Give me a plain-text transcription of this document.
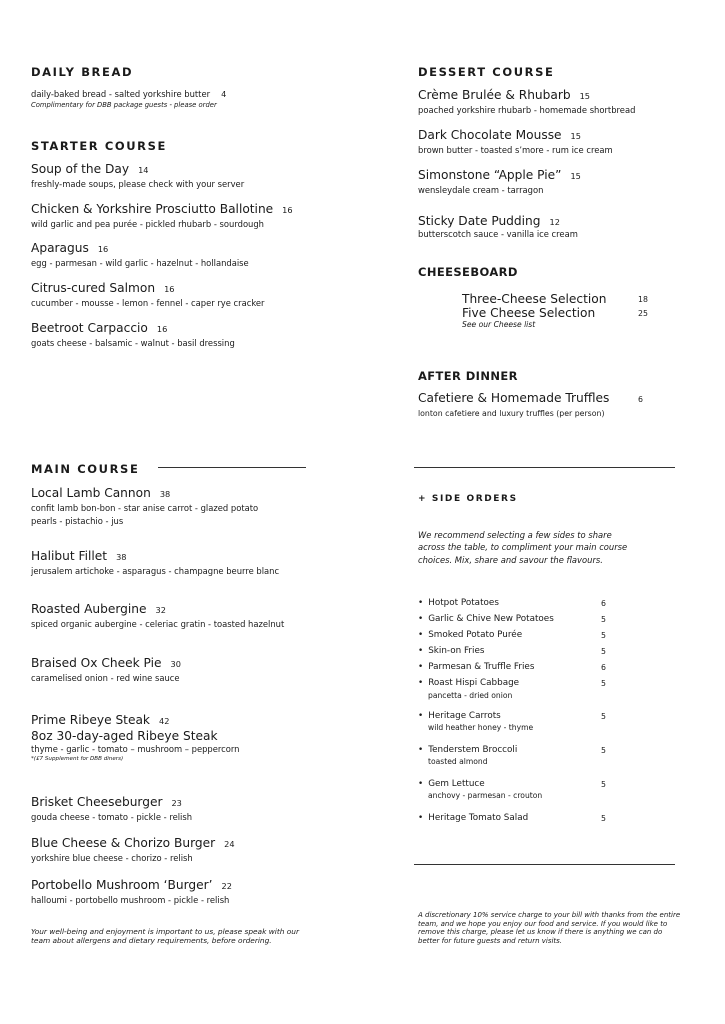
DAILY BREAD
daily-baked bread - salted yorkshire butter 4
Complimentary for DBB package guests - please order
STARTER COURSE
Soup of the Day 14
freshly-made soups, please check with your server
Chicken & Yorkshire Prosciutto Ballotine 16
wild garlic and pea purée - pickled rhubarb - sourdough
Aparagus 16
egg - parmesan - wild garlic - hazelnut - hollandaise
Citrus-cured Salmon 16
cucumber - mousse - lemon - fennel - caper rye cracker
Beetroot Carpaccio 16
goats cheese - balsamic - walnut - basil dressing
MAIN COURSE
Local Lamb Cannon 38
confit lamb bon-bon - star anise carrot - glazed potato
pearls - pistachio - jus
Halibut Fillet 38
jerusalem artichoke - asparagus - champagne beurre blanc
Roasted Aubergine 32
spiced organic aubergine - celeriac gratin - toasted hazelnut
Braised Ox Cheek Pie 30
caramelised onion - red wine sauce
Prime Ribeye Steak 42
8oz 30-day-aged Ribeye Steak
thyme - garlic - tomato – mushroom – peppercorn
*(£7 Supplement for DBB diners)
Brisket Cheeseburger 23
gouda cheese - tomato - pickle - relish
Blue Cheese & Chorizo Burger 24
yorkshire blue cheese - chorizo - relish
Portobello Mushroom ‘Burger’ 22
halloumi - portobello mushroom - pickle - relish
Your well-being and enjoyment is important to us, please speak with our
team about allergens and dietary requirements, before ordering.
DESSERT COURSE
Crème Brulée & Rhubarb 15
poached yorkshire rhubarb - homemade shortbread
Dark Chocolate Mousse 15
brown butter - toasted s’more - rum ice cream
Simonstone “Apple Pie” 15
wensleydale cream - tarragon
Sticky Date Pudding 12
butterscotch sauce - vanilla ice cream
CHEESEBOARD
Three-Cheese Selection	18
Five Cheese Selection	25
See our Cheese list
AFTER DINNER
Cafetiere & Homemade Truffles	6
lonton cafetiere and luxury truffles (per person)
+ SIDE ORDERS
We recommend selecting a few sides to share
across the table, to compliment your main course
choices. Mix, share and savour the flavours.
• Hotpot Potatoes	6
• Garlic & Chive New Potatoes	5
• Smoked Potato Purée	5
• Skin-on Fries	5
• Parmesan & Truffle Fries	6
• Roast Hispi Cabbage
pancetta - dried onion
5
• Heritage Carrots
wild heather honey - thyme
5
• Tenderstem Broccoli
toasted almond
5
• Gem Lettuce
anchovy - parmesan - crouton
5
• Heritage Tomato Salad	5
A discretionary 10% service charge to your bill with thanks from the entire
team, and we hope you enjoy our food and service. If you would like to
remove this charge, please let us know if there is anything we can do
better for future guests and return visits.
